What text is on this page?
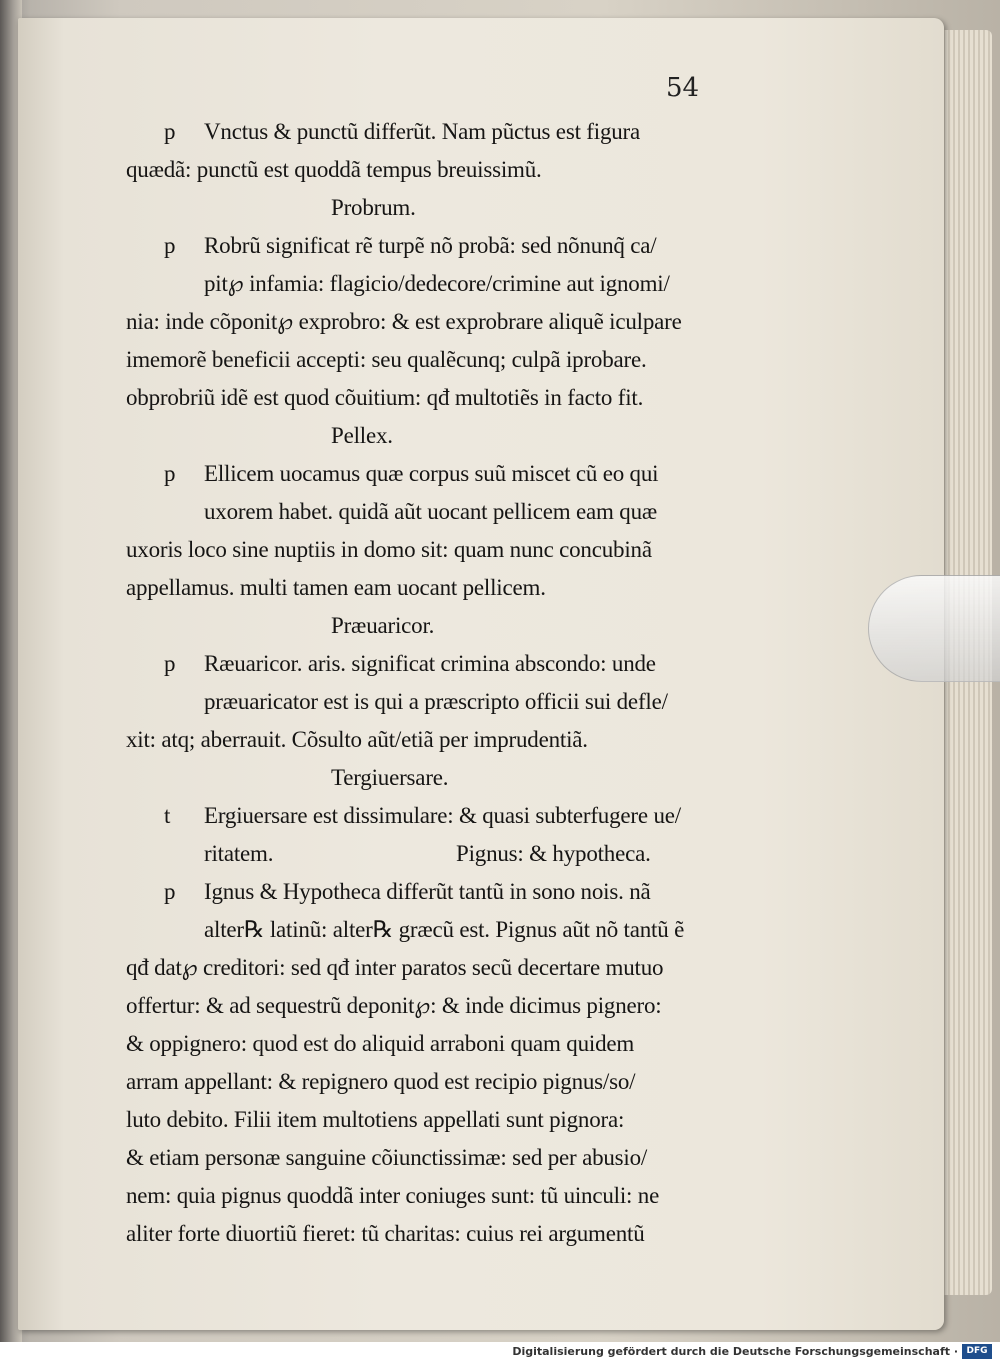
54
p	Vnctus & punctũ differũt. Nam pũctus est figura
quædã: punctũ est quoddã tempus breuissimũ.
Probrum.
p	Robrũ significat rẽ turpẽ nõ probã: sed nõnunq̃ ca/
pit℘ infamia: flagicio/dedecore/crimine aut ignomi/
nia: inde cõponit℘ exprobro: & est exprobrare aliquẽ iculpare
imemorẽ beneficii accepti: seu qualẽcunq; culpã iprobare.
obprobriũ idẽ est quod cõuitium: qđ multotiẽs in facto fit.
Pellex.
p	Ellicem uocamus quæ corpus suũ miscet cũ eo qui
uxorem habet. quidã aũt uocant pellicem eam quæ
uxoris loco sine nuptiis in domo sit: quam nunc concubinã
appellamus. multi tamen eam uocant pellicem.
Præuaricor.
p	Ræuaricor. aris. significat crimina abscondo: unde
præuaricator est is qui a præscripto officii sui defle/
xit: atq; aberrauit. Cõsulto aũt/etiã per imprudentiã.
Tergiuersare.
t	Ergiuersare est dissimulare: & quasi subterfugere ue/
ritatem.	Pignus: & hypotheca.
p	Ignus & Hypotheca differũt tantũ in sono nois. nã
alter℞ latinũ: alter℞ græcũ est. Pignus aũt nõ tantũ ẽ
qđ dat℘ creditori: sed qđ inter paratos secũ decertare mutuo
offertur: & ad sequestrũ deponit℘: & inde dicimus pignero:
& oppignero: quod est do aliquid arraboni quam quidem
arram appellant: & repignero quod est recipio pignus/so/
luto debito. Filii item multotiens appellati sunt pignora:
& etiam personæ sanguine cõiunctissimæ: sed per abusio/
nem: quia pignus quoddã inter coniuges sunt: tũ uinculi: ne
aliter forte diuortiũ fieret: tũ charitas: cuius rei argumentũ
Digitalisierung gefördert durch die Deutsche Forschungsgemeinschaft · DFG
